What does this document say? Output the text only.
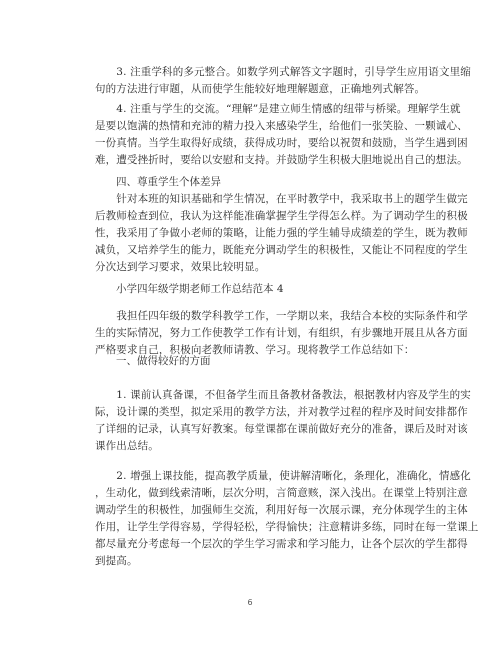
　　3. 注重学科的多元整合。如数学列式解答文字题时，引导学生应用语文里缩
句的方法进行审题，从而使学生能较好地理解题意，正确地列式解答。

　　4. 注重与学生的交流。“理解”是建立师生情感的纽带与桥梁。理解学生就
是要以饱满的热情和充沛的精力投入来感染学生，给他们一张笑脸、一颗诚心、
一份真情。当学生取得好成绩，获得成功时，要给以祝贺和鼓励，当学生遇到困
难，遭受挫折时，要给以安慰和支持。并鼓励学生积极大胆地说出自己的想法。

　　四、尊重学生个体差异

　　针对本班的知识基础和学生情况，在平时教学中，我采取书上的题学生做完
后教师检查到位，我认为这样能准确掌握学生学得怎么样。为了调动学生的积极
性，我采用了争做小老师的策略，让能力强的学生辅导成绩差的学生，既为教师
减负，又培养学生的能力，既能充分调动学生的积极性，又能让不同程度的学生
分次达到学习要求，效果比较明显。

　　小学四年级学期老师工作总结范本 4

　　我担任四年级的数学科教学工作，一学期以来，我结合本校的实际条件和学
生的实际情况，努力工作使教学工作有计划，有组织，有步骤地开展且从各方面
严格要求自己，积极向老教师请教、学习。现将教学工作总结如下：

　　一、做得较好的方面

　　1. 课前认真备课，不但备学生而且备教材备教法，根据教材内容及学生的实
际，设计课的类型，拟定采用的教学方法，并对教学过程的程序及时间安排都作
了详细的记录，认真写好教案。每堂课都在课前做好充分的准备，课后及时对该
课作出总结。

　　2. 增强上课技能，提高教学质量，使讲解清晰化，条理化，准确化，情感化
，生动化，做到线索清晰，层次分明，言简意赅，深入浅出。在课堂上特别注意
调动学生的积极性，加强师生交流，利用好每一次展示课，充分体现学生的主体
作用，让学生学得容易，学得轻松，学得愉快；注意精讲多练，同时在每一堂课上
都尽量充分考虑每一个层次的学生学习需求和学习能力，让各个层次的学生都得
到提高。

6
